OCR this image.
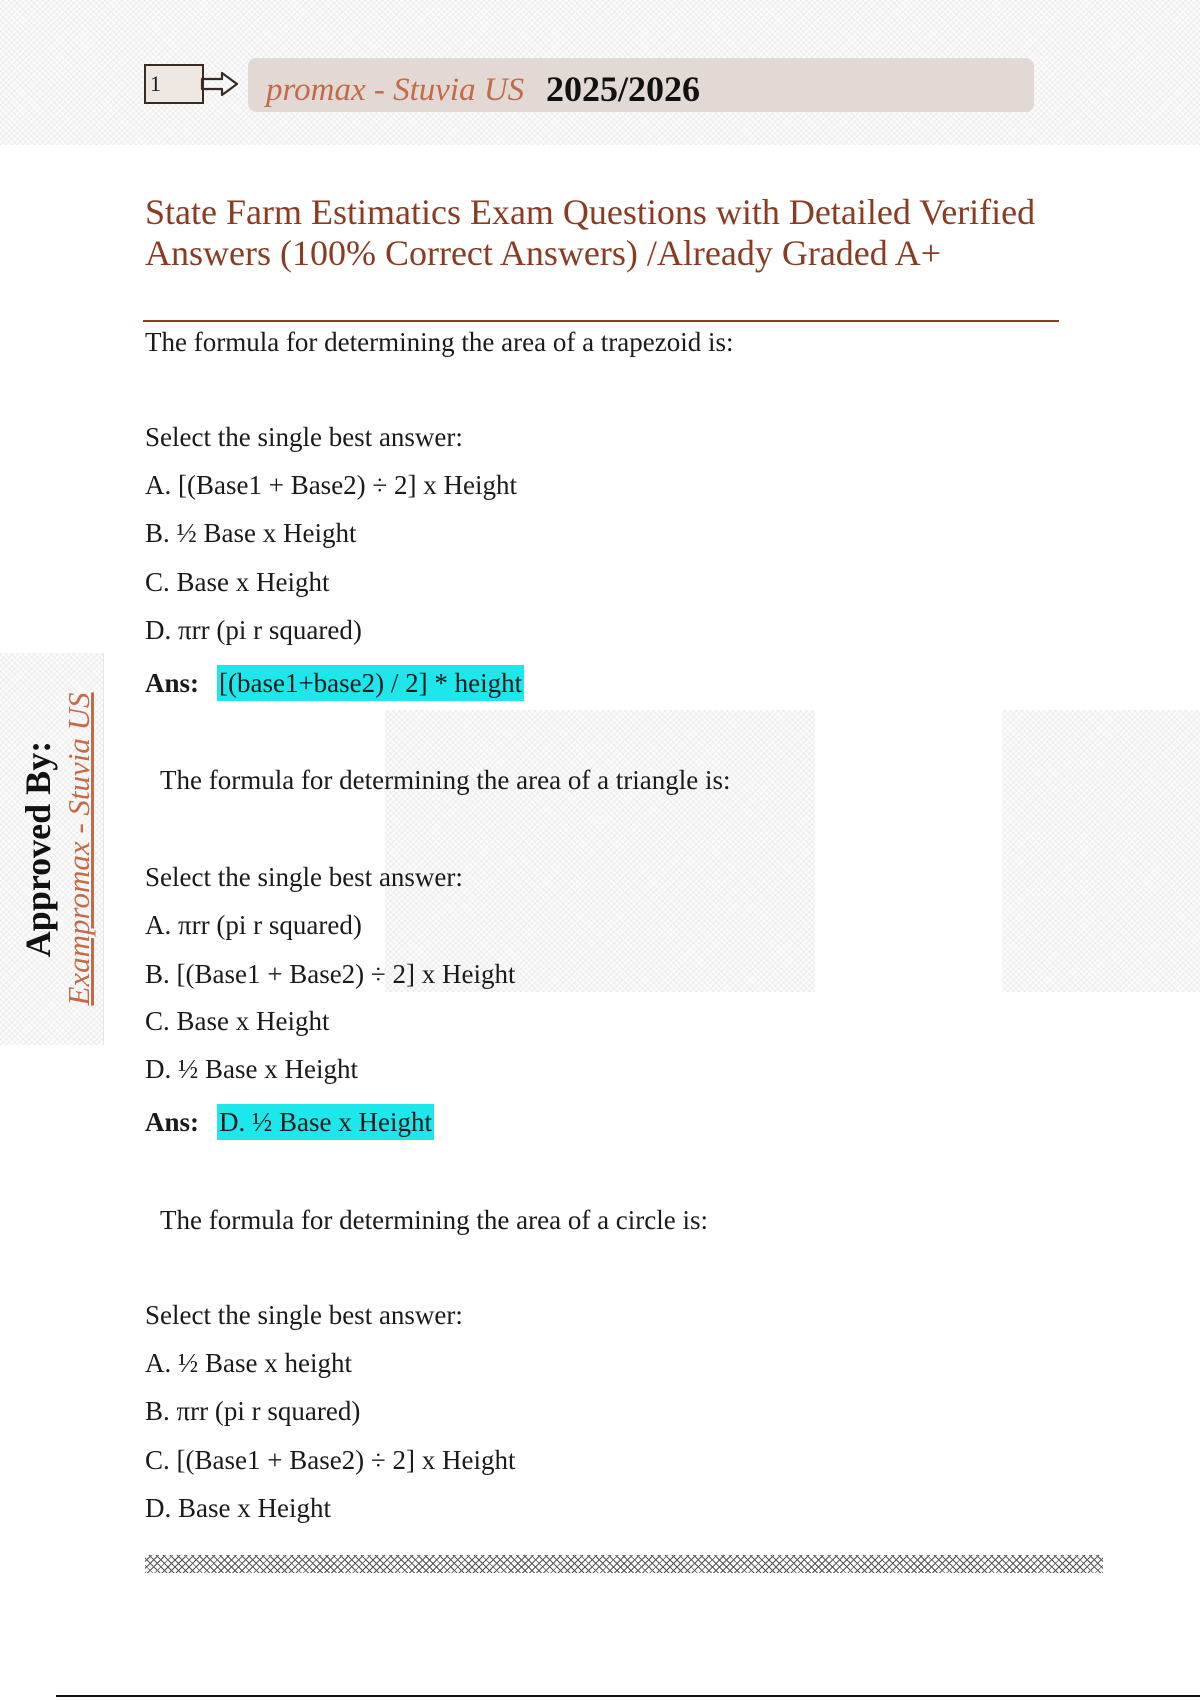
1	promax - Stuvia US 2025/2026
Approved By: Exampromax - Stuvia US
State Farm Estimatics Exam Questions with Detailed Verified Answers (100% Correct Answers) /Already Graded A+
The formula for determining the area of a trapezoid is:
Select the single best answer:
A. [(Base1 + Base2) ÷ 2] x Height
B. ½ Base x Height
C. Base x Height
D. πrr (pi r squared)
Ans: [(base1+base2) / 2] * height
The formula for determining the area of a triangle is:
Select the single best answer:
A. πrr (pi r squared)
B. [(Base1 + Base2) ÷ 2] x Height
C. Base x Height
D. ½ Base x Height
Ans: D. ½ Base x Height
The formula for determining the area of a circle is:
Select the single best answer:
A. ½ Base x height
B. πrr (pi r squared)
C. [(Base1 + Base2) ÷ 2] x Height
D. Base x Height
